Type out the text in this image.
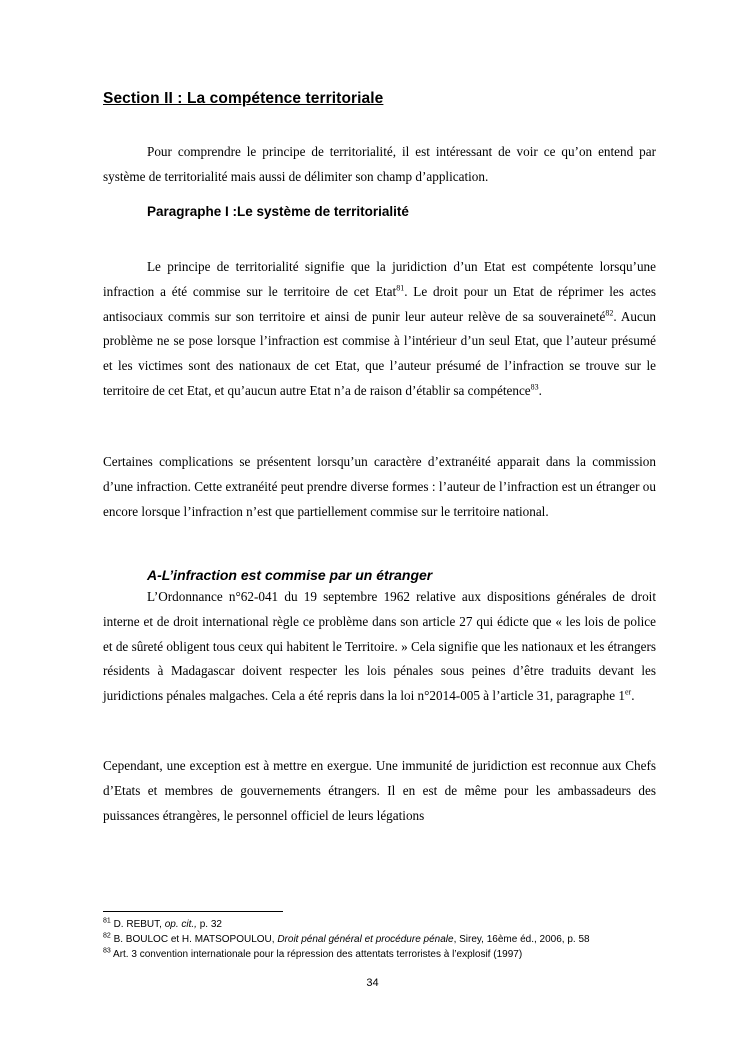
Section II : La compétence territoriale
Pour comprendre le principe de territorialité, il est intéressant de voir ce qu’on entend par système de territorialité mais aussi de délimiter son champ d’application.
Paragraphe I :Le système de territorialité
Le principe de territorialité signifie que la juridiction d’un Etat est compétente lorsqu’une infraction a été commise sur le territoire de cet Etat$^{81}$. Le droit pour un Etat de réprimer les actes antisociaux commis sur son territoire et ainsi de punir leur auteur relève de sa souveraineté$^{82}$. Aucun problème ne se pose lorsque l’infraction est commise à l’intérieur d’un seul Etat, que l’auteur présumé et les victimes sont des nationaux de cet Etat, que l’auteur présumé de l’infraction se trouve sur le territoire de cet Etat, et qu’aucun autre Etat n’a de raison d’établir sa compétence$^{83}$.
Certaines complications se présentent lorsqu’un caractère d’extranéité apparait dans la commission d’une infraction. Cette extranéité peut prendre diverse formes : l’auteur de l’infraction est un étranger ou encore lorsque l’infraction n’est que partiellement commise sur le territoire national.
A-L’infraction est commise par un étranger
L’Ordonnance n°62-041 du 19 septembre 1962 relative aux dispositions générales de droit interne et de droit international règle ce problème dans son article 27 qui édicte que « les lois de police et de sûreté obligent tous ceux qui habitent le Territoire. » Cela signifie que les nationaux et les étrangers résidents à Madagascar doivent respecter les lois pénales sous peines d’être traduits devant les juridictions pénales malgaches. Cela a été repris dans la loi n°2014-005 à l’article 31, paragraphe 1er.
Cependant, une exception est à mettre en exergue. Une immunité de juridiction est reconnue aux Chefs d’Etats et membres de gouvernements étrangers. Il en est de même pour les ambassadeurs des puissances étrangères, le personnel officiel de leurs légations
$^{81}$ D. REBUT, op. cit., p. 32
$^{82}$ B. BOULOC et H. MATSOPOULOU, Droit pénal général et procédure pénale, Sirey, 16ème éd., 2006, p. 58
$^{83}$ Art. 3 convention internationale pour la répression des attentats terroristes à l’explosif (1997)
34
